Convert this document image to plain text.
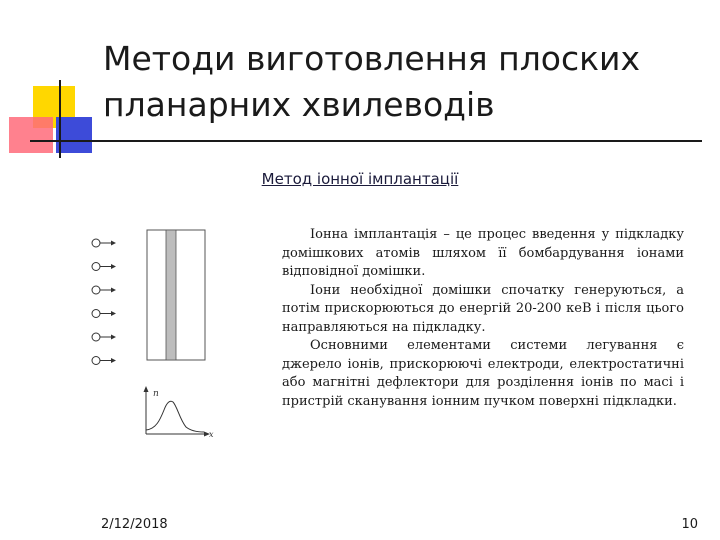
Методи виготовлення плоских планарних хвилеводів
Метод іонної імплантації
n
x

Іонна імплантація – це процес введення у підкладку домішкових атомів шляхом її бомбардування іонами відповідної домішки.

Іони необхідної домішки спочатку генеруються, а потім прискорюються до енергій 20-200 кеВ і після цього направляються на підкладку.

Основними елементами системи легування є джерело іонів, прискорюючі електроди, електростатичні або магнітні дефлектори для розділення іонів по масі і пристрій сканування іонним пучком поверхні підкладки.

2/12/2018	10
